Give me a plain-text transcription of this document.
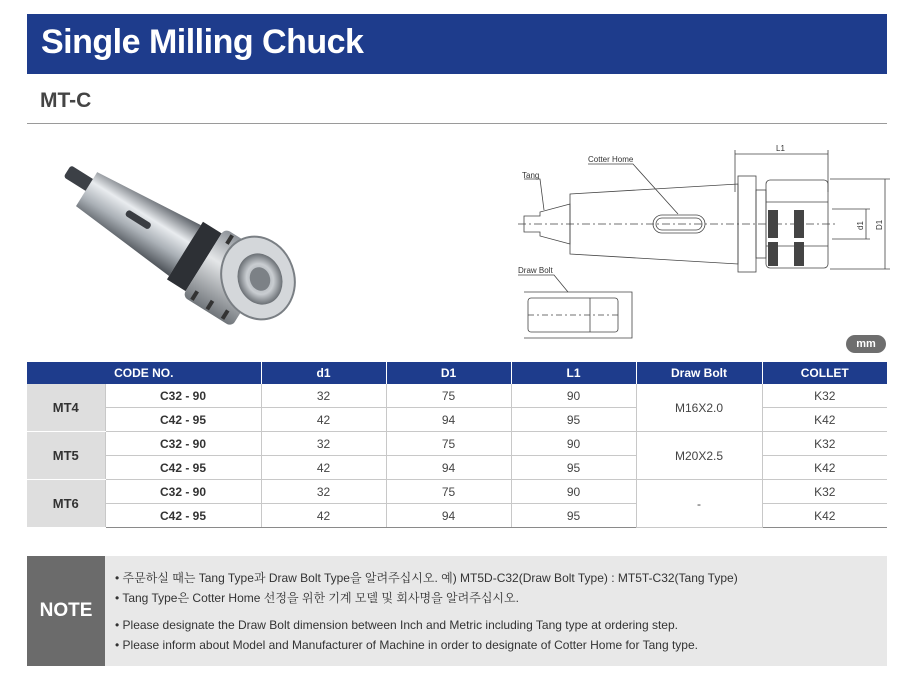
Single Milling Chuck
MT-C
L1
Cotter Home
Tang
d1 D1
Draw Bolt
mm
CODE NO.		d1	D1	L1	Draw Bolt	COLLET
MT4	C32 - 90	32	75	90	M16X2.0	K32
	C42 - 95	42	94	95		K42
MT5	C32 - 90	32	75	90	M20X2.5	K32
	C42 - 95	42	94	95		K42
MT6	C32 - 90	32	75	90	-	K32
	C42 - 95	42	94	95		K42
NOTE
• 주문하실 때는 Tang Type과 Draw Bolt Type을 알려주십시오. 예) MT5D-C32(Draw Bolt Type) : MT5T-C32(Tang Type)
• Tang Type은 Cotter Home 선정을 위한 기계 모델 및 회사명을 알려주십시오.
• Please designate the Draw Bolt dimension between Inch and Metric including Tang type at ordering step.
• Please inform about Model and Manufacturer of Machine in order to designate of Cotter Home for Tang type.
